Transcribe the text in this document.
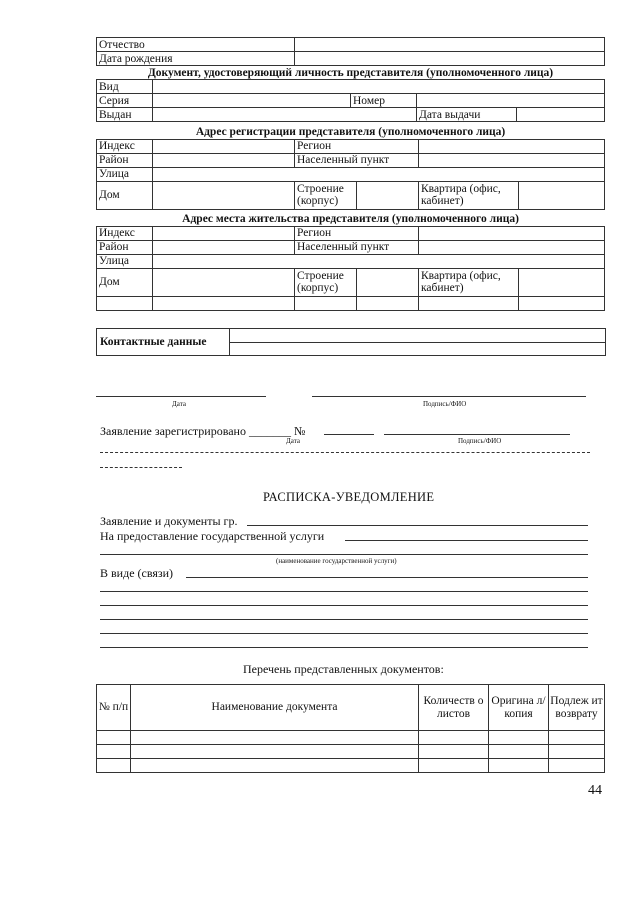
Отчество					
Дата рождения					
Документ, удостоверяющий личность представителя (уполномоченного лица)					
Вид					
Серия			Номер		
Выдан				Дата выдачи	
Адрес регистрации представителя (уполномоченного лица)					
Индекс		Регион			
Район		Населенный пункт			
Улица					
Дом		Строение (корпус)		Квартира (офис, кабинет)	
Адрес места жительства представителя (уполномоченного лица)					
Индекс		Регион			
Район		Населенный пункт			
Улица					
Дом		Строение (корпус)		Квартира (офис, кабинет)	

Контактные данные
Дата	Подпись/ФИО
Заявление зарегистрировано _______ №
Дата	Подпись/ФИО
РАСПИСКА-УВЕДОМЛЕНИЕ
Заявление и документы гр.
На предоставление государственной услуги
(наименование государственной услуги)
В виде (связи)
Перечень представленных документов:
№ п/п	Наименование документа	Количеств о листов	Оригина л/копия	Подлеж ит возврату

44
